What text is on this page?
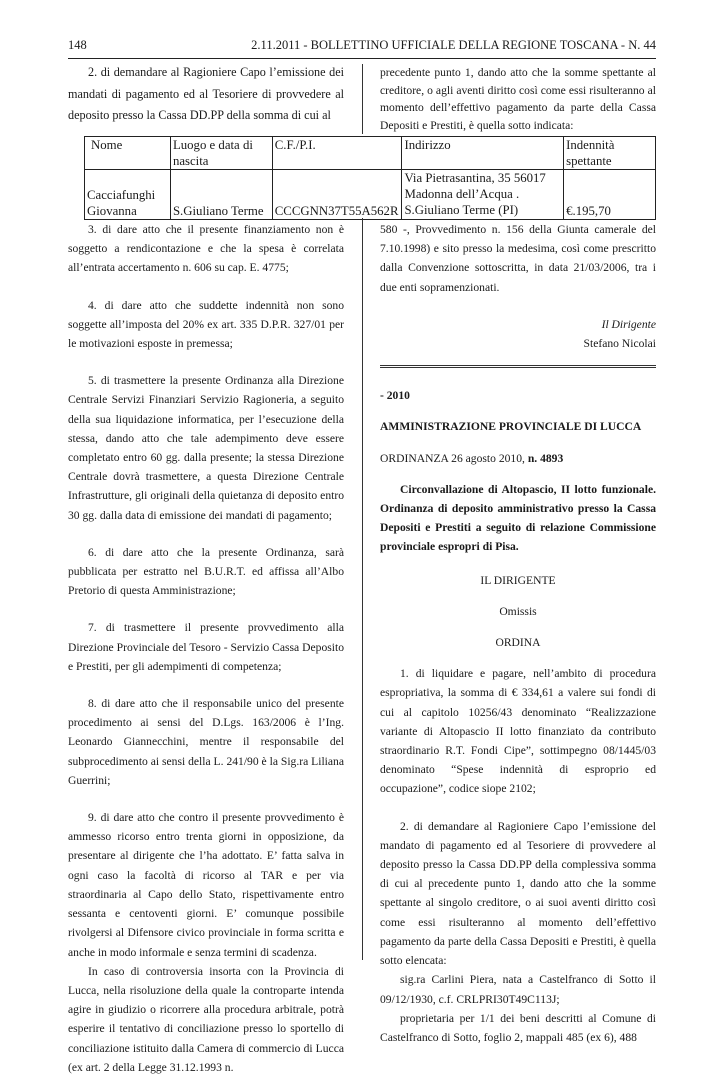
148	2.11.2011 - BOLLETTINO UFFICIALE DELLA REGIONE TOSCANA - N. 44

2. di demandare al Ragioniere Capo l’emissione dei mandati di pagamento ed al Tesoriere di provvedere al deposito presso la Cassa DD.PP della somma di cui al

precedente punto 1, dando atto che la somme spettante al creditore, o agli aventi diritto così come essi risulteranno al momento dell’effettivo pagamento da parte della Cassa Depositi e Prestiti, è quella sotto indicata:

Nome	Luogo e data di nascita	C.F./P.I.	Indirizzo	Indennità spettante
Cacciafunghi Giovanna	S.Giuliano Terme	CCCGNN37T55A562R	Via Pietrasantina, 35 56017 Madonna dell’Acqua . S.Giuliano Terme (PI)	€.195,70

3. di dare atto che il presente finanziamento non è soggetto a rendicontazione e che la spesa è correlata all’entrata accertamento n. 606 su cap. E. 4775;

4. di dare atto che suddette indennità non sono soggette all’imposta del 20% ex art. 335 D.P.R. 327/01 per le motivazioni esposte in premessa;

5. di trasmettere la presente Ordinanza alla Direzione Centrale Servizi Finanziari Servizio Ragioneria, a seguito della sua liquidazione informatica, per l’esecuzione della stessa, dando atto che tale adempimento deve essere completato entro 60 gg. dalla presente; la stessa Direzione Centrale dovrà trasmettere, a questa Direzione Centrale Infrastrutture, gli originali della quietanza di deposito entro 30 gg. dalla data di emissione dei mandati di pagamento;

6. di dare atto che la presente Ordinanza, sarà pubblicata per estratto nel B.U.R.T. ed affissa all’Albo Pretorio di questa Amministrazione;

7. di trasmettere il presente provvedimento alla Direzione Provinciale del Tesoro - Servizio Cassa Deposito e Prestiti, per gli adempimenti di competenza;

8. di dare atto che il responsabile unico del presente procedimento ai sensi del D.Lgs. 163/2006 è l’Ing. Leonardo Giannecchini, mentre il responsabile del subprocedimento ai sensi della L. 241/90 è la Sig.ra Liliana Guerrini;

9. di dare atto che contro il presente provvedimento è ammesso ricorso entro trenta giorni in opposizione, da presentare al dirigente che l’ha adottato. E’ fatta salva in ogni caso la facoltà di ricorso al TAR e per via straordinaria al Capo dello Stato, rispettivamente entro sessanta e centoventi giorni. E’ comunque possibile rivolgersi al Difensore civico provinciale in forma scritta e anche in modo informale e senza termini di scadenza.

In caso di controversia insorta con la Provincia di Lucca, nella risoluzione della quale la controparte intenda agire in giudizio o ricorrere alla procedura arbitrale, potrà esperire il tentativo di conciliazione presso lo sportello di conciliazione istituito dalla Camera di commercio di Lucca (ex art. 2 della Legge 31.12.1993 n.

580 -, Provvedimento n. 156 della Giunta camerale del 7.10.1998) e sito presso la medesima, così come prescritto dalla Convenzione sottoscritta, in data 21/03/2006, tra i due enti sopramenzionati.

Il Dirigente
Stefano Nicolai
- 2010
AMMINISTRAZIONE PROVINCIALE DI LUCCA
ORDINANZA 26 agosto 2010, n. 4893

Circonvallazione di Altopascio, II lotto funzionale. Ordinanza di deposito amministrativo presso la Cassa Depositi e Prestiti a seguito di relazione Commissione provinciale espropri di Pisa.

IL DIRIGENTE
Omissis
ORDINA

1. di liquidare e pagare, nell’ambito di procedura espropriativa, la somma di € 334,61 a valere sui fondi di cui al capitolo 10256/43 denominato “Realizzazione variante di Altopascio II lotto finanziato da contributo straordinario R.T. Fondi Cipe”, sottimpegno 08/1445/03 denominato “Spese indennità di esproprio ed occupazione”, codice siope 2102;

2. di demandare al Ragioniere Capo l’emissione del mandato di pagamento ed al Tesoriere di provvedere al deposito presso la Cassa DD.PP della complessiva somma di cui al precedente punto 1, dando atto che la somme spettante al singolo creditore, o ai suoi aventi diritto così come essi risulteranno al momento dell’effettivo pagamento da parte della Cassa Depositi e Prestiti, è quella sotto elencata:

sig.ra Carlini Piera, nata a Castelfranco di Sotto il 09/12/1930, c.f. CRLPRI30T49C113J;

proprietaria per 1/1 dei beni descritti al Comune di Castelfranco di Sotto, foglio 2, mappali 485 (ex 6), 488
